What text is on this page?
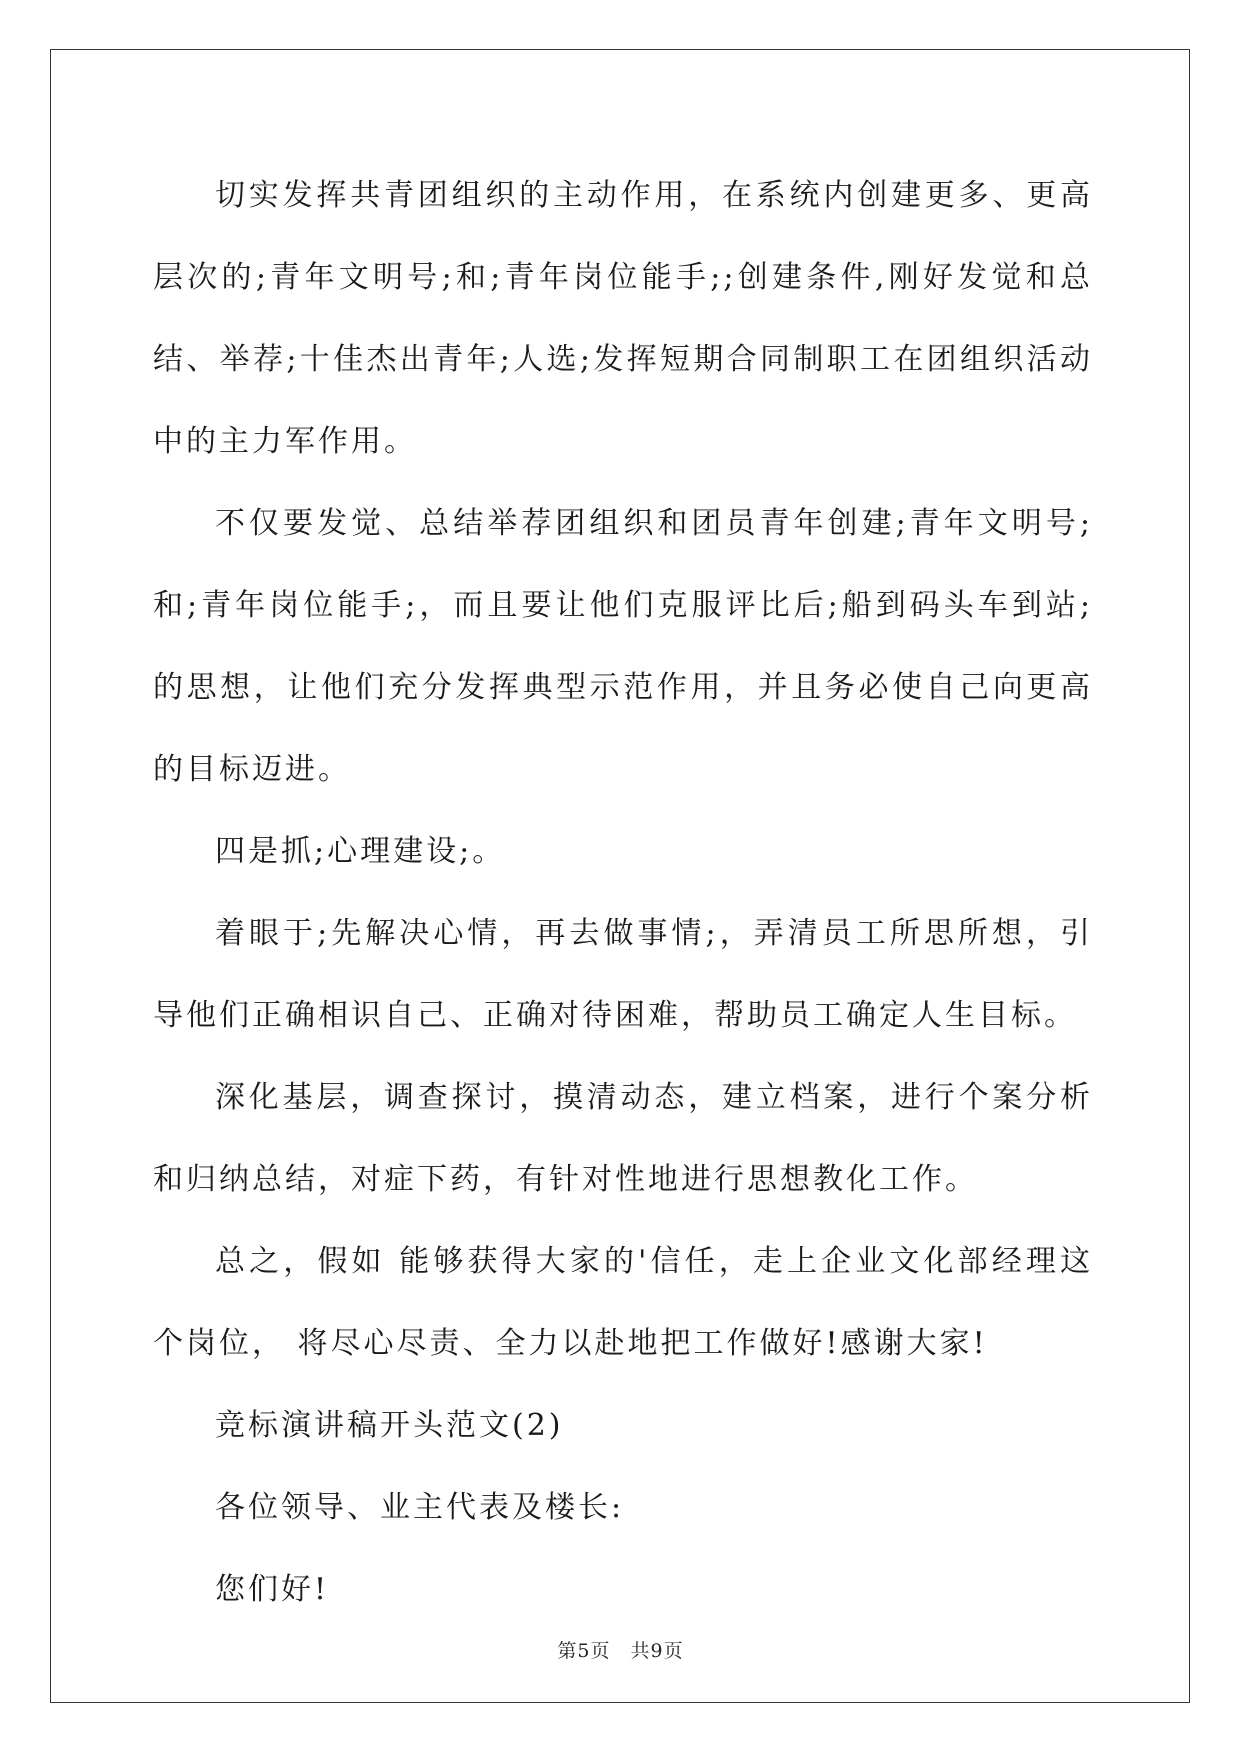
切实发挥共青团组织的主动作用，在系统内创建更多、更高层次的;青年文明号;和;青年岗位能手;;创建条件,刚好发觉和总结、举荐;十佳杰出青年;人选;发挥短期合同制职工在团组织活动中的主力军作用。

不仅要发觉、总结举荐团组织和团员青年创建;青年文明号;和;青年岗位能手;，而且要让他们克服评比后;船到码头车到站;的思想，让他们充分发挥典型示范作用，并且务必使自己向更高的目标迈进。

四是抓;心理建设;。

着眼于;先解决心情，再去做事情;，弄清员工所思所想，引导他们正确相识自己、正确对待困难，帮助员工确定人生目标。

深化基层，调查探讨，摸清动态，建立档案，进行个案分析和归纳总结，对症下药，有针对性地进行思想教化工作。

总之，假如 能够获得大家的'信任，走上企业文化部经理这个岗位， 将尽心尽责、全力以赴地把工作做好!感谢大家!

竞标演讲稿开头范文(2)

各位领导、业主代表及楼长:

您们好!

第5页 共9页
